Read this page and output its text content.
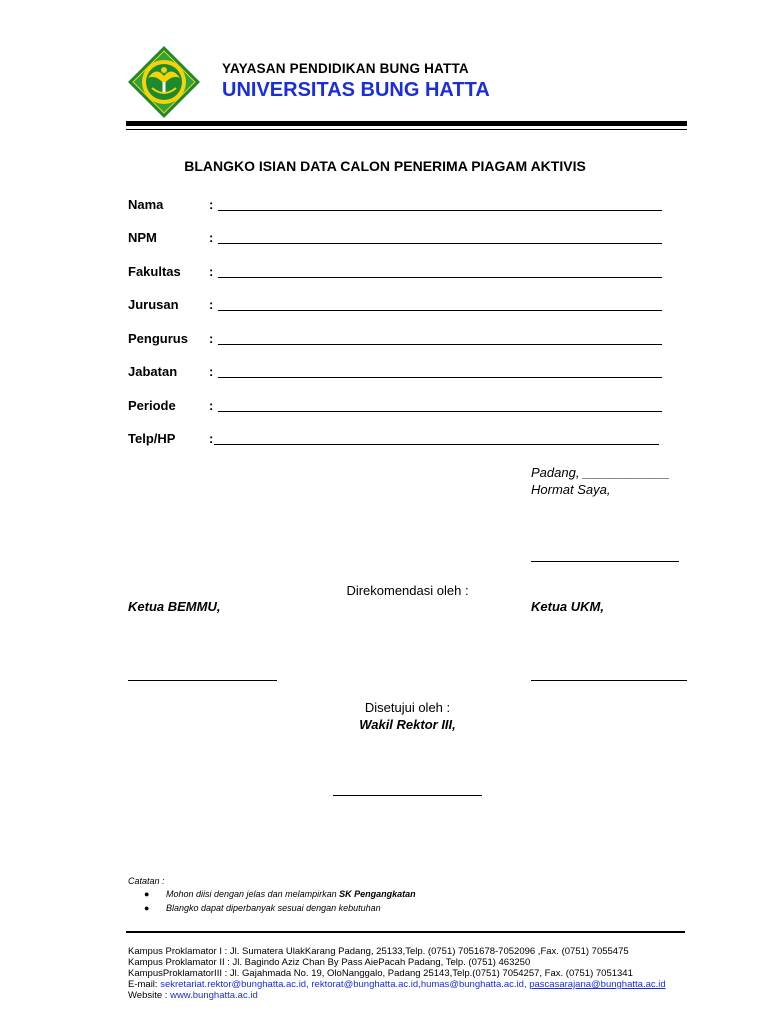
YAYASAN PENDIDIKAN BUNG HATTA
UNIVERSITAS BUNG HATTA
BLANGKO ISIAN DATA CALON PENERIMA PIAGAM AKTIVIS
Nama	:
NPM	:
Fakultas :
Jurusan :
Pengurus :
Jabatan :
Periode	:
Telp/HP	:
Padang, ____________
Hormat Saya,
Direkomendasi oleh :
Ketua BEMMU,	Ketua UKM,
Disetujui oleh :
Wakil Rektor III,
Catatan :
● Mohon diisi dengan jelas dan melampirkan SK Pengangkatan
● Blangko dapat diperbanyak sesuai dengan kebutuhan
Kampus Proklamator I : Jl. Sumatera UlakKarang Padang, 25133,Telp. (0751) 7051678-7052096 ,Fax. (0751) 7055475
Kampus Proklamator II : Jl. Bagindo Aziz Chan By Pass AiePacah Padang, Telp. (0751) 463250
KampusProklamatorIII : Jl. Gajahmada No. 19, OloNanggalo, Padang 25143,Telp.(0751) 7054257, Fax. (0751) 7051341
E-mail: sekretariat.rektor@bunghatta.ac.id, rektorat@bunghatta.ac.id,humas@bunghatta.ac.id, pascasarajana@bunghatta.ac.id
Website : www.bunghatta.ac.id
